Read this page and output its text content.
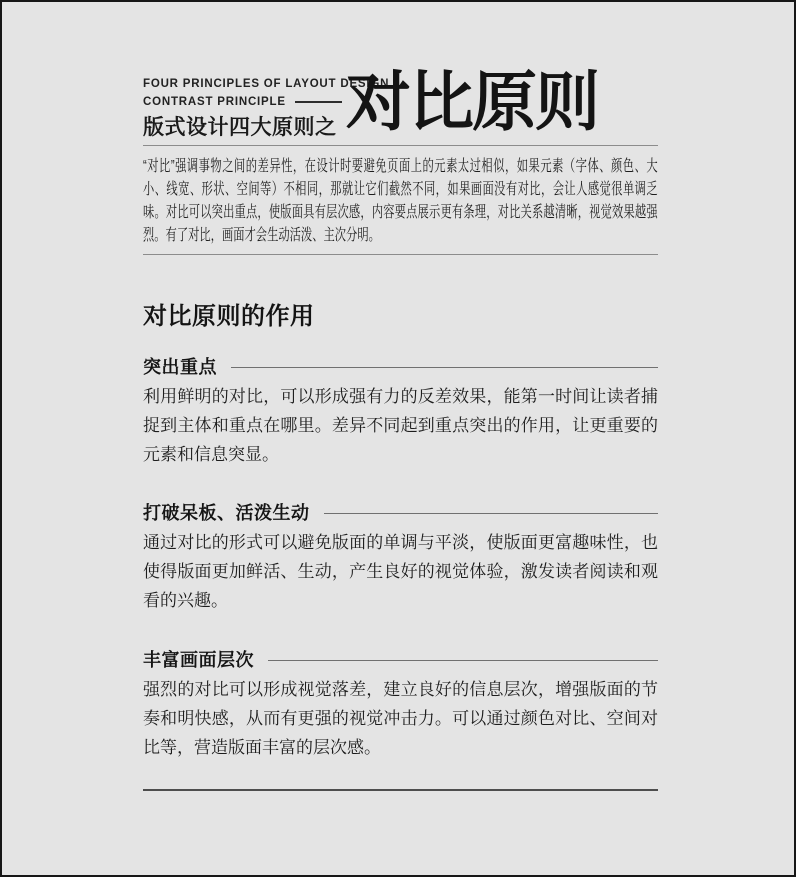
FOUR PRINCIPLES OF LAYOUT DESIGN
CONTRAST PRINCIPLE
版式设计四大原则之 对比原则

“对比”强调事物之间的差异性，在设计时要避免页面上的元素太过相似，如果元素（字体、颜色、大小、线宽、形状、空间等）不相同，那就让它们截然不同，如果画面没有对比，会让人感觉很单调乏味。对比可以突出重点，使版面具有层次感，内容要点展示更有条理，对比关系越清晰，视觉效果越强烈。有了对比，画面才会生动活泼、主次分明。

对比原则的作用
突出重点

利用鲜明的对比，可以形成强有力的反差效果，能第一时间让读者捕捉到主体和重点在哪里。差异不同起到重点突出的作用，让更重要的元素和信息突显。

打破呆板、活泼生动

通过对比的形式可以避免版面的单调与平淡，使版面更富趣味性，也使得版面更加鲜活、生动，产生良好的视觉体验，激发读者阅读和观看的兴趣。

丰富画面层次

强烈的对比可以形成视觉落差，建立良好的信息层次，增强版面的节奏和明快感，从而有更强的视觉冲击力。可以通过颜色对比、空间对比等，营造版面丰富的层次感。
